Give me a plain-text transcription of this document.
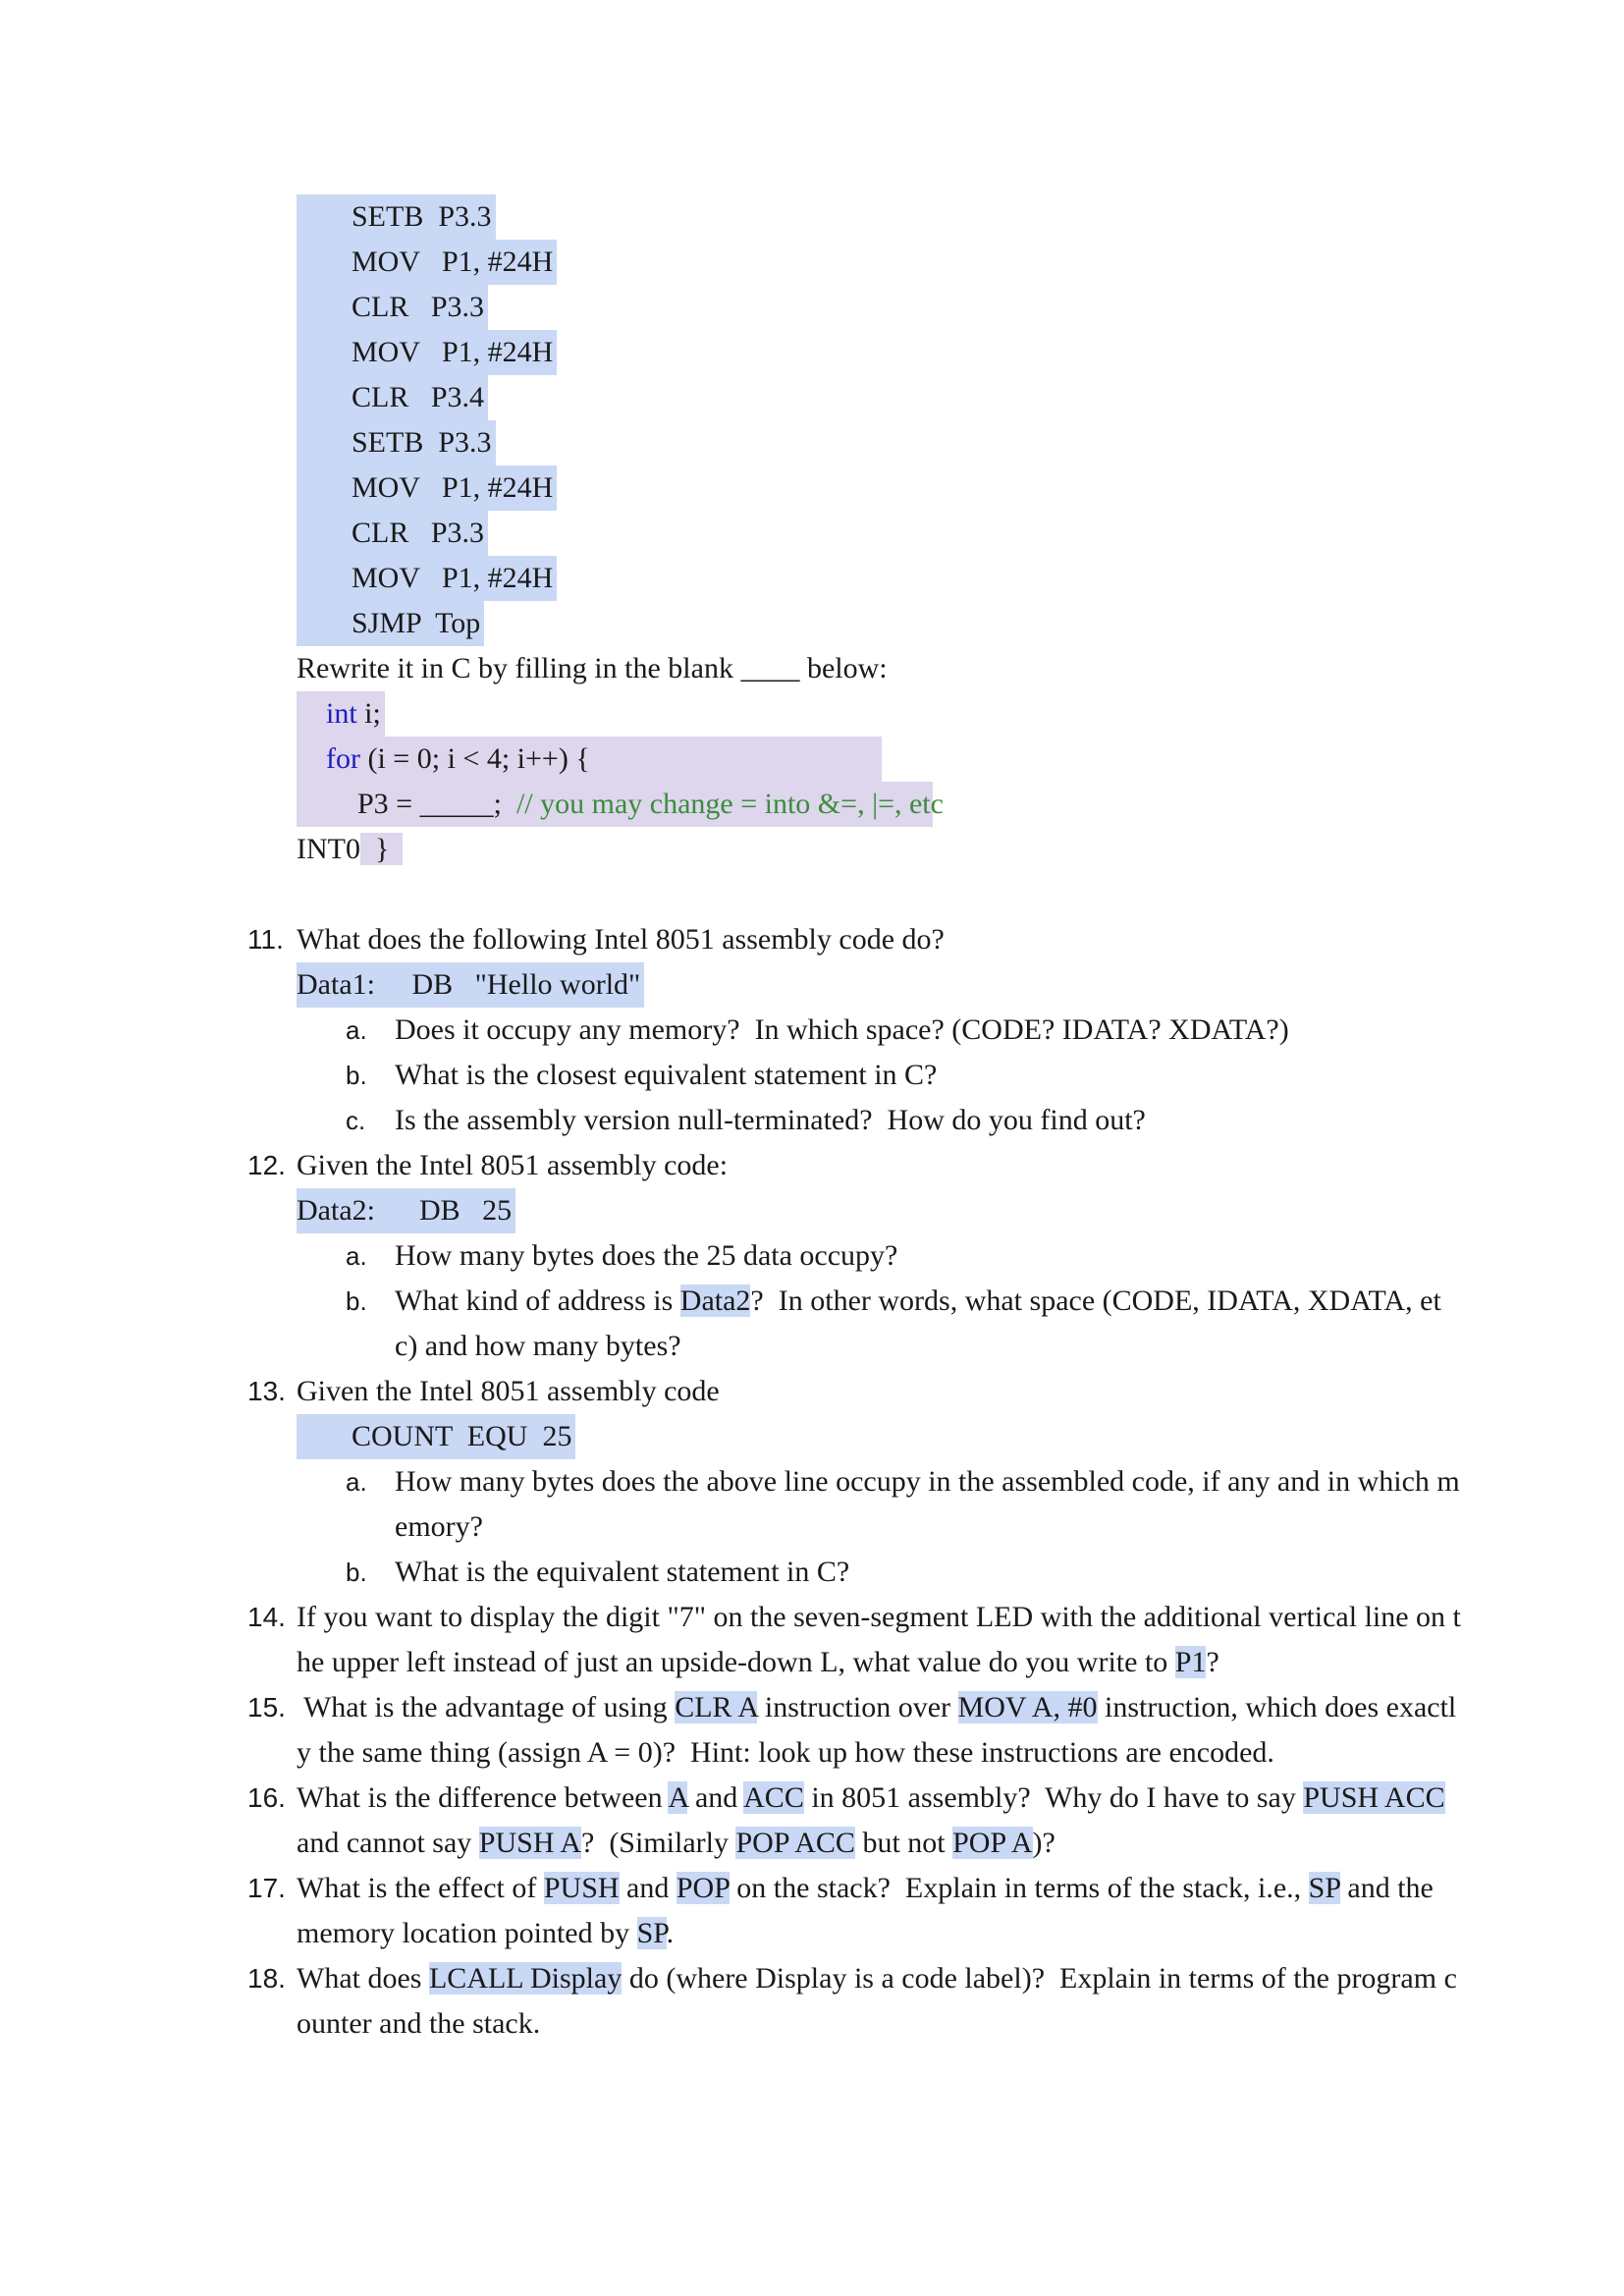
SETB  P3.3
MOV   P1, #24H
CLR   P3.3
MOV   P1, #24H
CLR   P3.4
SETB  P3.3
MOV   P1, #24H
CLR   P3.3
MOV   P1, #24H
SJMP  Top
Rewrite it in C by filling in the blank ____ below:
int i;
for (i = 0; i < 4; i++) {
P3 = _____;  // you may change = into &=, |=, etc
INT0  }
11. What does the following Intel 8051 assembly code do?
Data1:     DB   "Hello world"
a. Does it occupy any memory?  In which space? (CODE? IDATA? XDATA?)
b. What is the closest equivalent statement in C?
c. Is the assembly version null-terminated?  How do you find out?
12. Given the Intel 8051 assembly code:
Data2:      DB   25
a. How many bytes does the 25 data occupy?
b. What kind of address is Data2?  In other words, what space (CODE, IDATA, XDATA, et
c) and how many bytes?
13. Given the Intel 8051 assembly code
COUNT  EQU  25
a. How many bytes does the above line occupy in the assembled code, if any and in which m
emory?
b. What is the equivalent statement in C?
14. If you want to display the digit "7" on the seven-segment LED with the additional vertical line on t
he upper left instead of just an upside-down L, what value do you write to P1?
15. What is the advantage of using CLR A instruction over MOV A, #0 instruction, which does exactl
y the same thing (assign A = 0)?  Hint: look up how these instructions are encoded.
16. What is the difference between A and ACC in 8051 assembly?  Why do I have to say PUSH ACC
and cannot say PUSH A?  (Similarly POP ACC but not POP A)?
17. What is the effect of PUSH and POP on the stack?  Explain in terms of the stack, i.e., SP and the
memory location pointed by SP.
18. What does LCALL Display do (where Display is a code label)?  Explain in terms of the program c
ounter and the stack.
